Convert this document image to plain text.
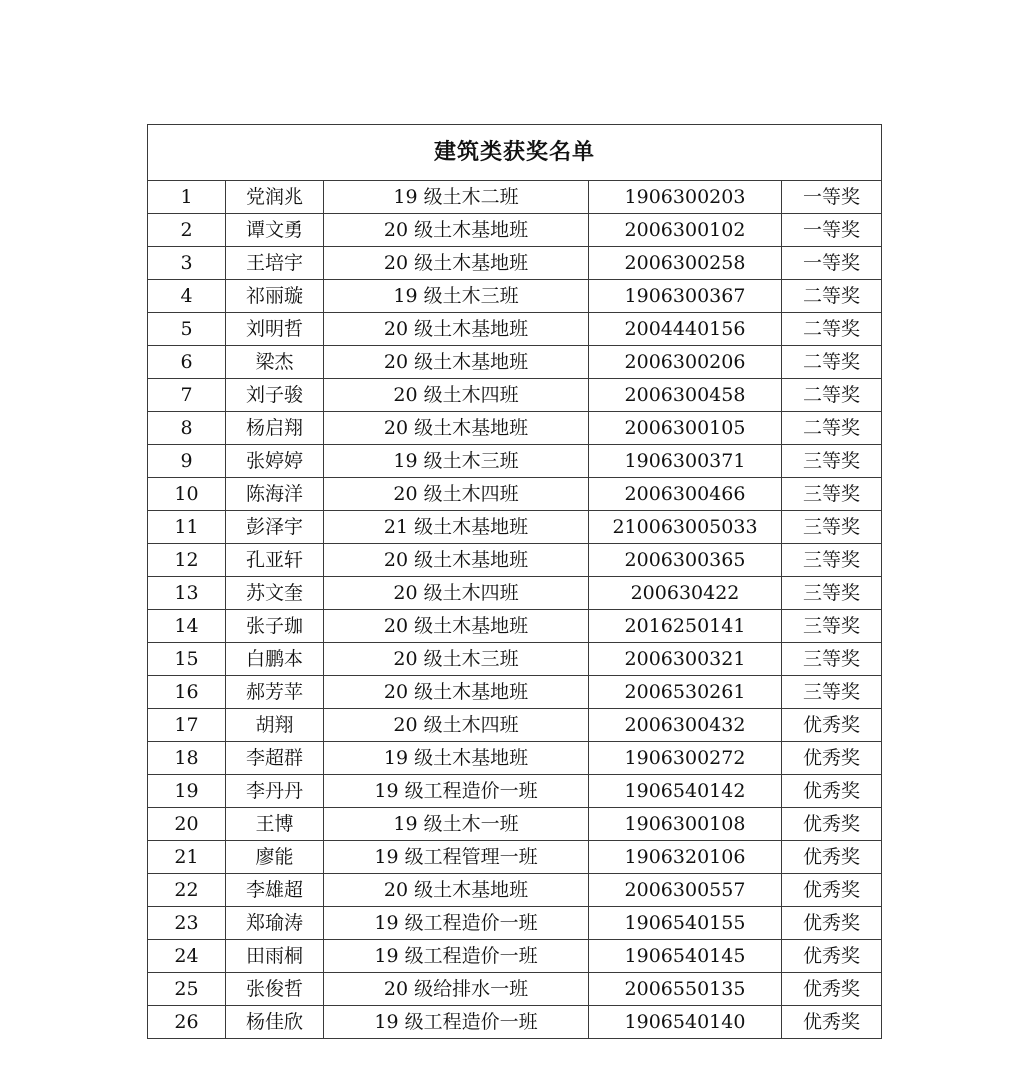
建筑类获奖名单				
1	党润兆	19 级土木二班	1906300203	一等奖
2	谭文勇	20 级土木基地班	2006300102	一等奖
3	王培宇	20 级土木基地班	2006300258	一等奖
4	祁丽璇	19 级土木三班	1906300367	二等奖
5	刘明哲	20 级土木基地班	2004440156	二等奖
6	梁杰	20 级土木基地班	2006300206	二等奖
7	刘子骏	20 级土木四班	2006300458	二等奖
8	杨启翔	20 级土木基地班	2006300105	二等奖
9	张婷婷	19 级土木三班	1906300371	三等奖
10	陈海洋	20 级土木四班	2006300466	三等奖
11	彭泽宇	21 级土木基地班	210063005033	三等奖
12	孔亚轩	20 级土木基地班	2006300365	三等奖
13	苏文奎	20 级土木四班	200630422	三等奖
14	张子珈	20 级土木基地班	2016250141	三等奖
15	白鹏本	20 级土木三班	2006300321	三等奖
16	郝芳苹	20 级土木基地班	2006530261	三等奖
17	胡翔	20 级土木四班	2006300432	优秀奖
18	李超群	19 级土木基地班	1906300272	优秀奖
19	李丹丹	19 级工程造价一班	1906540142	优秀奖
20	王博	19 级土木一班	1906300108	优秀奖
21	廖能	19 级工程管理一班	1906320106	优秀奖
22	李雄超	20 级土木基地班	2006300557	优秀奖
23	郑瑜涛	19 级工程造价一班	1906540155	优秀奖
24	田雨桐	19 级工程造价一班	1906540145	优秀奖
25	张俊哲	20 级给排水一班	2006550135	优秀奖
26	杨佳欣	19 级工程造价一班	1906540140	优秀奖
